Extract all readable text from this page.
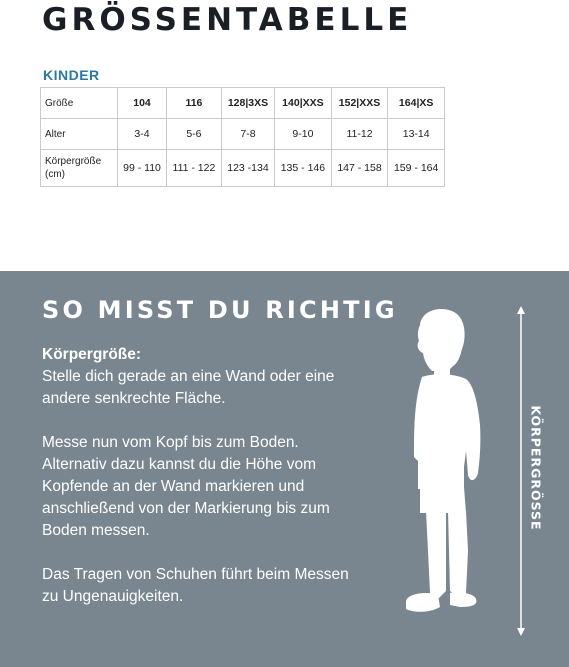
GRÖSSENTABELLE
KINDER
Größe	104	116	128|3XS	140|XXS	152|XXS	164|XS
Alter	3-4	5-6	7-8	9-10	11-12	13-14
Körpergröße (cm)	99 - 110	111 - 122	123 -134	135 - 146	147 - 158	159 - 164
SO MISST DU RICHTIG

Körpergröße:
Stelle dich gerade an eine Wand oder eine andere senkrechte Fläche.

Messe nun vom Kopf bis zum Boden. Alternativ dazu kannst du die Höhe vom Kopfende an der Wand markieren und anschließend von der Markierung bis zum Boden messen.

Das Tragen von Schuhen führt beim Messen zu Ungenauigkeiten.

KÖRPERGRÖSSE
